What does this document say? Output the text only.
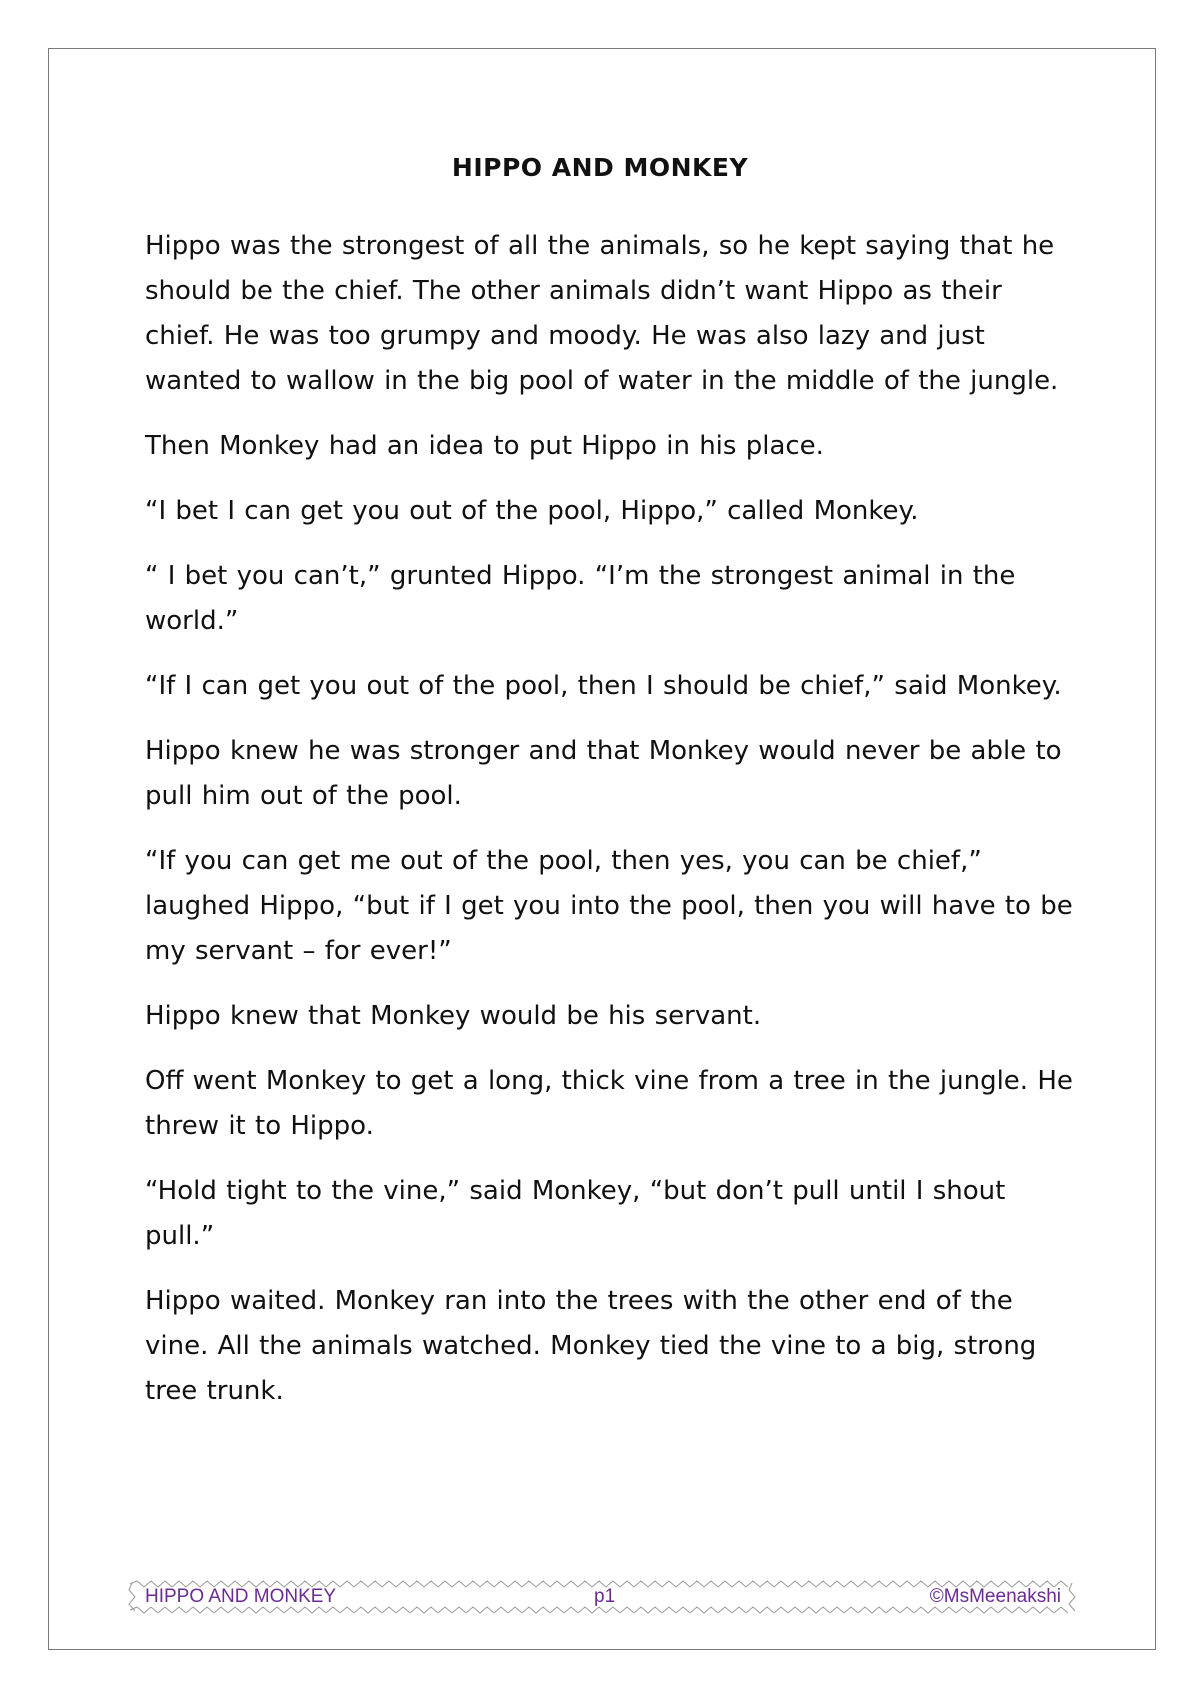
HIPPO AND MONKEY

Hippo was the strongest of all the animals, so he kept saying that he should be the chief. The other animals didn’t want Hippo as their chief. He was too grumpy and moody. He was also lazy and just wanted to wallow in the big pool of water in the middle of the jungle.

Then Monkey had an idea to put Hippo in his place.

“I bet I can get you out of the pool, Hippo,” called Monkey.

“ I bet you can’t,” grunted Hippo. “I’m the strongest animal in the world.”

“If I can get you out of the pool, then I should be chief,” said Monkey.

Hippo knew he was stronger and that Monkey would never be able to pull him out of the pool.

“If you can get me out of the pool, then yes, you can be chief,” laughed Hippo, “but if I get you into the pool, then you will have to be my servant – for ever!”

Hippo knew that Monkey would be his servant.

Off went Monkey to get a long, thick vine from a tree in the jungle. He threw it to Hippo.

“Hold tight to the vine,” said Monkey, “but don’t pull until I shout pull.”

Hippo waited. Monkey ran into the trees with the other end of the vine. All the animals watched. Monkey tied the vine to a big, strong tree trunk.

HIPPO AND MONKEY	p1	©MsMeenakshi
